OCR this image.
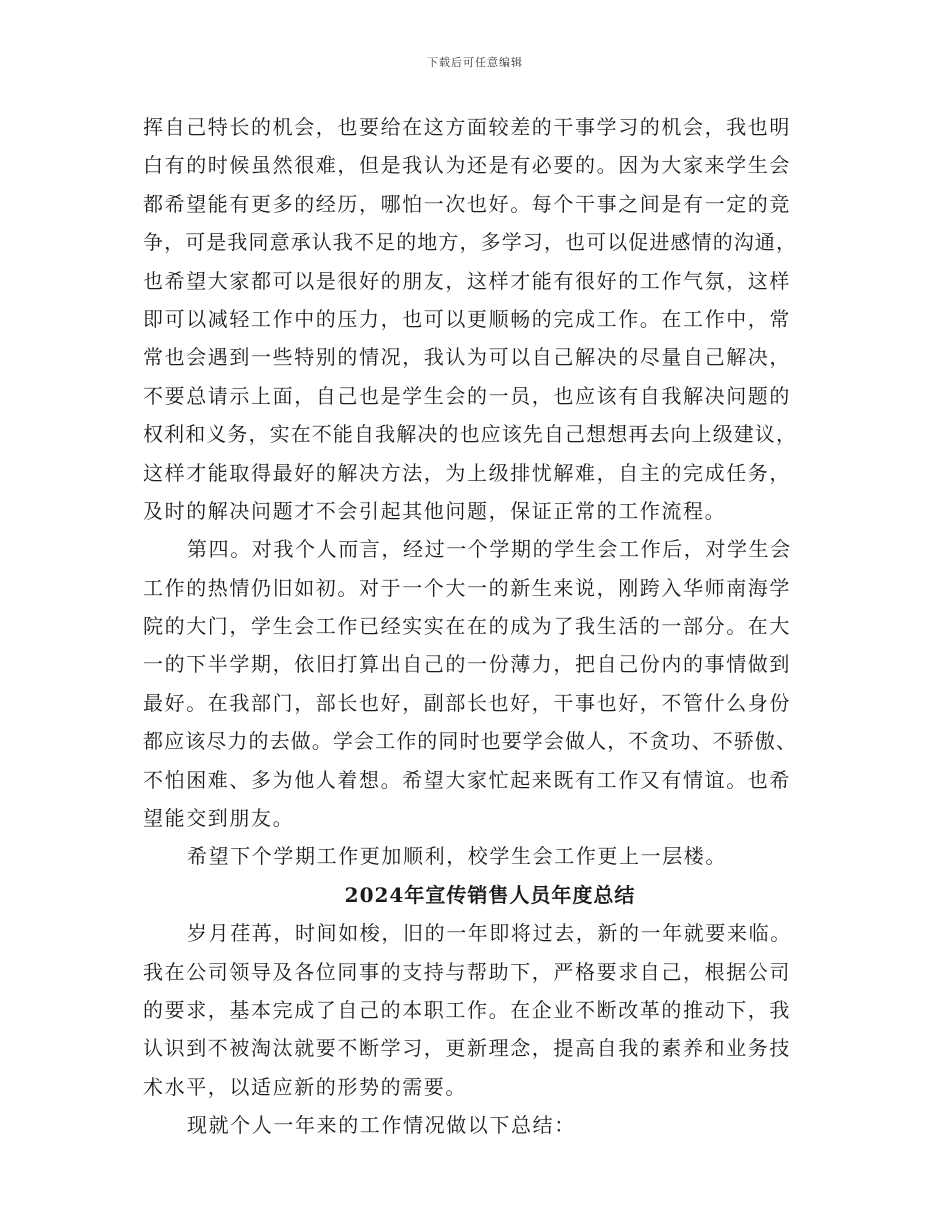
下载后可任意编辑
挥自己特长的机会，也要给在这方面较差的干事学习的机会，我也明
白有的时候虽然很难，但是我认为还是有必要的。因为大家来学生会
都希望能有更多的经历，哪怕一次也好。每个干事之间是有一定的竞
争，可是我同意承认我不足的地方，多学习，也可以促进感情的沟通，
也希望大家都可以是很好的朋友，这样才能有很好的工作气氛，这样
即可以减轻工作中的压力，也可以更顺畅的完成工作。在工作中，常
常也会遇到一些特别的情况，我认为可以自己解决的尽量自己解决，
不要总请示上面，自己也是学生会的一员，也应该有自我解决问题的
权利和义务，实在不能自我解决的也应该先自己想想再去向上级建议，
这样才能取得最好的解决方法，为上级排忧解难，自主的完成任务，
及时的解决问题才不会引起其他问题，保证正常的工作流程。
第四。对我个人而言，经过一个学期的学生会工作后，对学生会
工作的热情仍旧如初。对于一个大一的新生来说，刚跨入华师南海学
院的大门，学生会工作已经实实在在的成为了我生活的一部分。在大
一的下半学期，依旧打算出自己的一份薄力，把自己份内的事情做到
最好。在我部门，部长也好，副部长也好，干事也好，不管什么身份
都应该尽力的去做。学会工作的同时也要学会做人，不贪功、不骄傲、
不怕困难、多为他人着想。希望大家忙起来既有工作又有情谊。也希
望能交到朋友。
希望下个学期工作更加顺利，校学生会工作更上一层楼。
2024年宣传销售人员年度总结
岁月荏苒，时间如梭，旧的一年即将过去，新的一年就要来临。
我在公司领导及各位同事的支持与帮助下，严格要求自己，根据公司
的要求，基本完成了自己的本职工作。在企业不断改革的推动下，我
认识到不被淘汰就要不断学习，更新理念，提高自我的素养和业务技
术水平，以适应新的形势的需要。
现就个人一年来的工作情况做以下总结：
